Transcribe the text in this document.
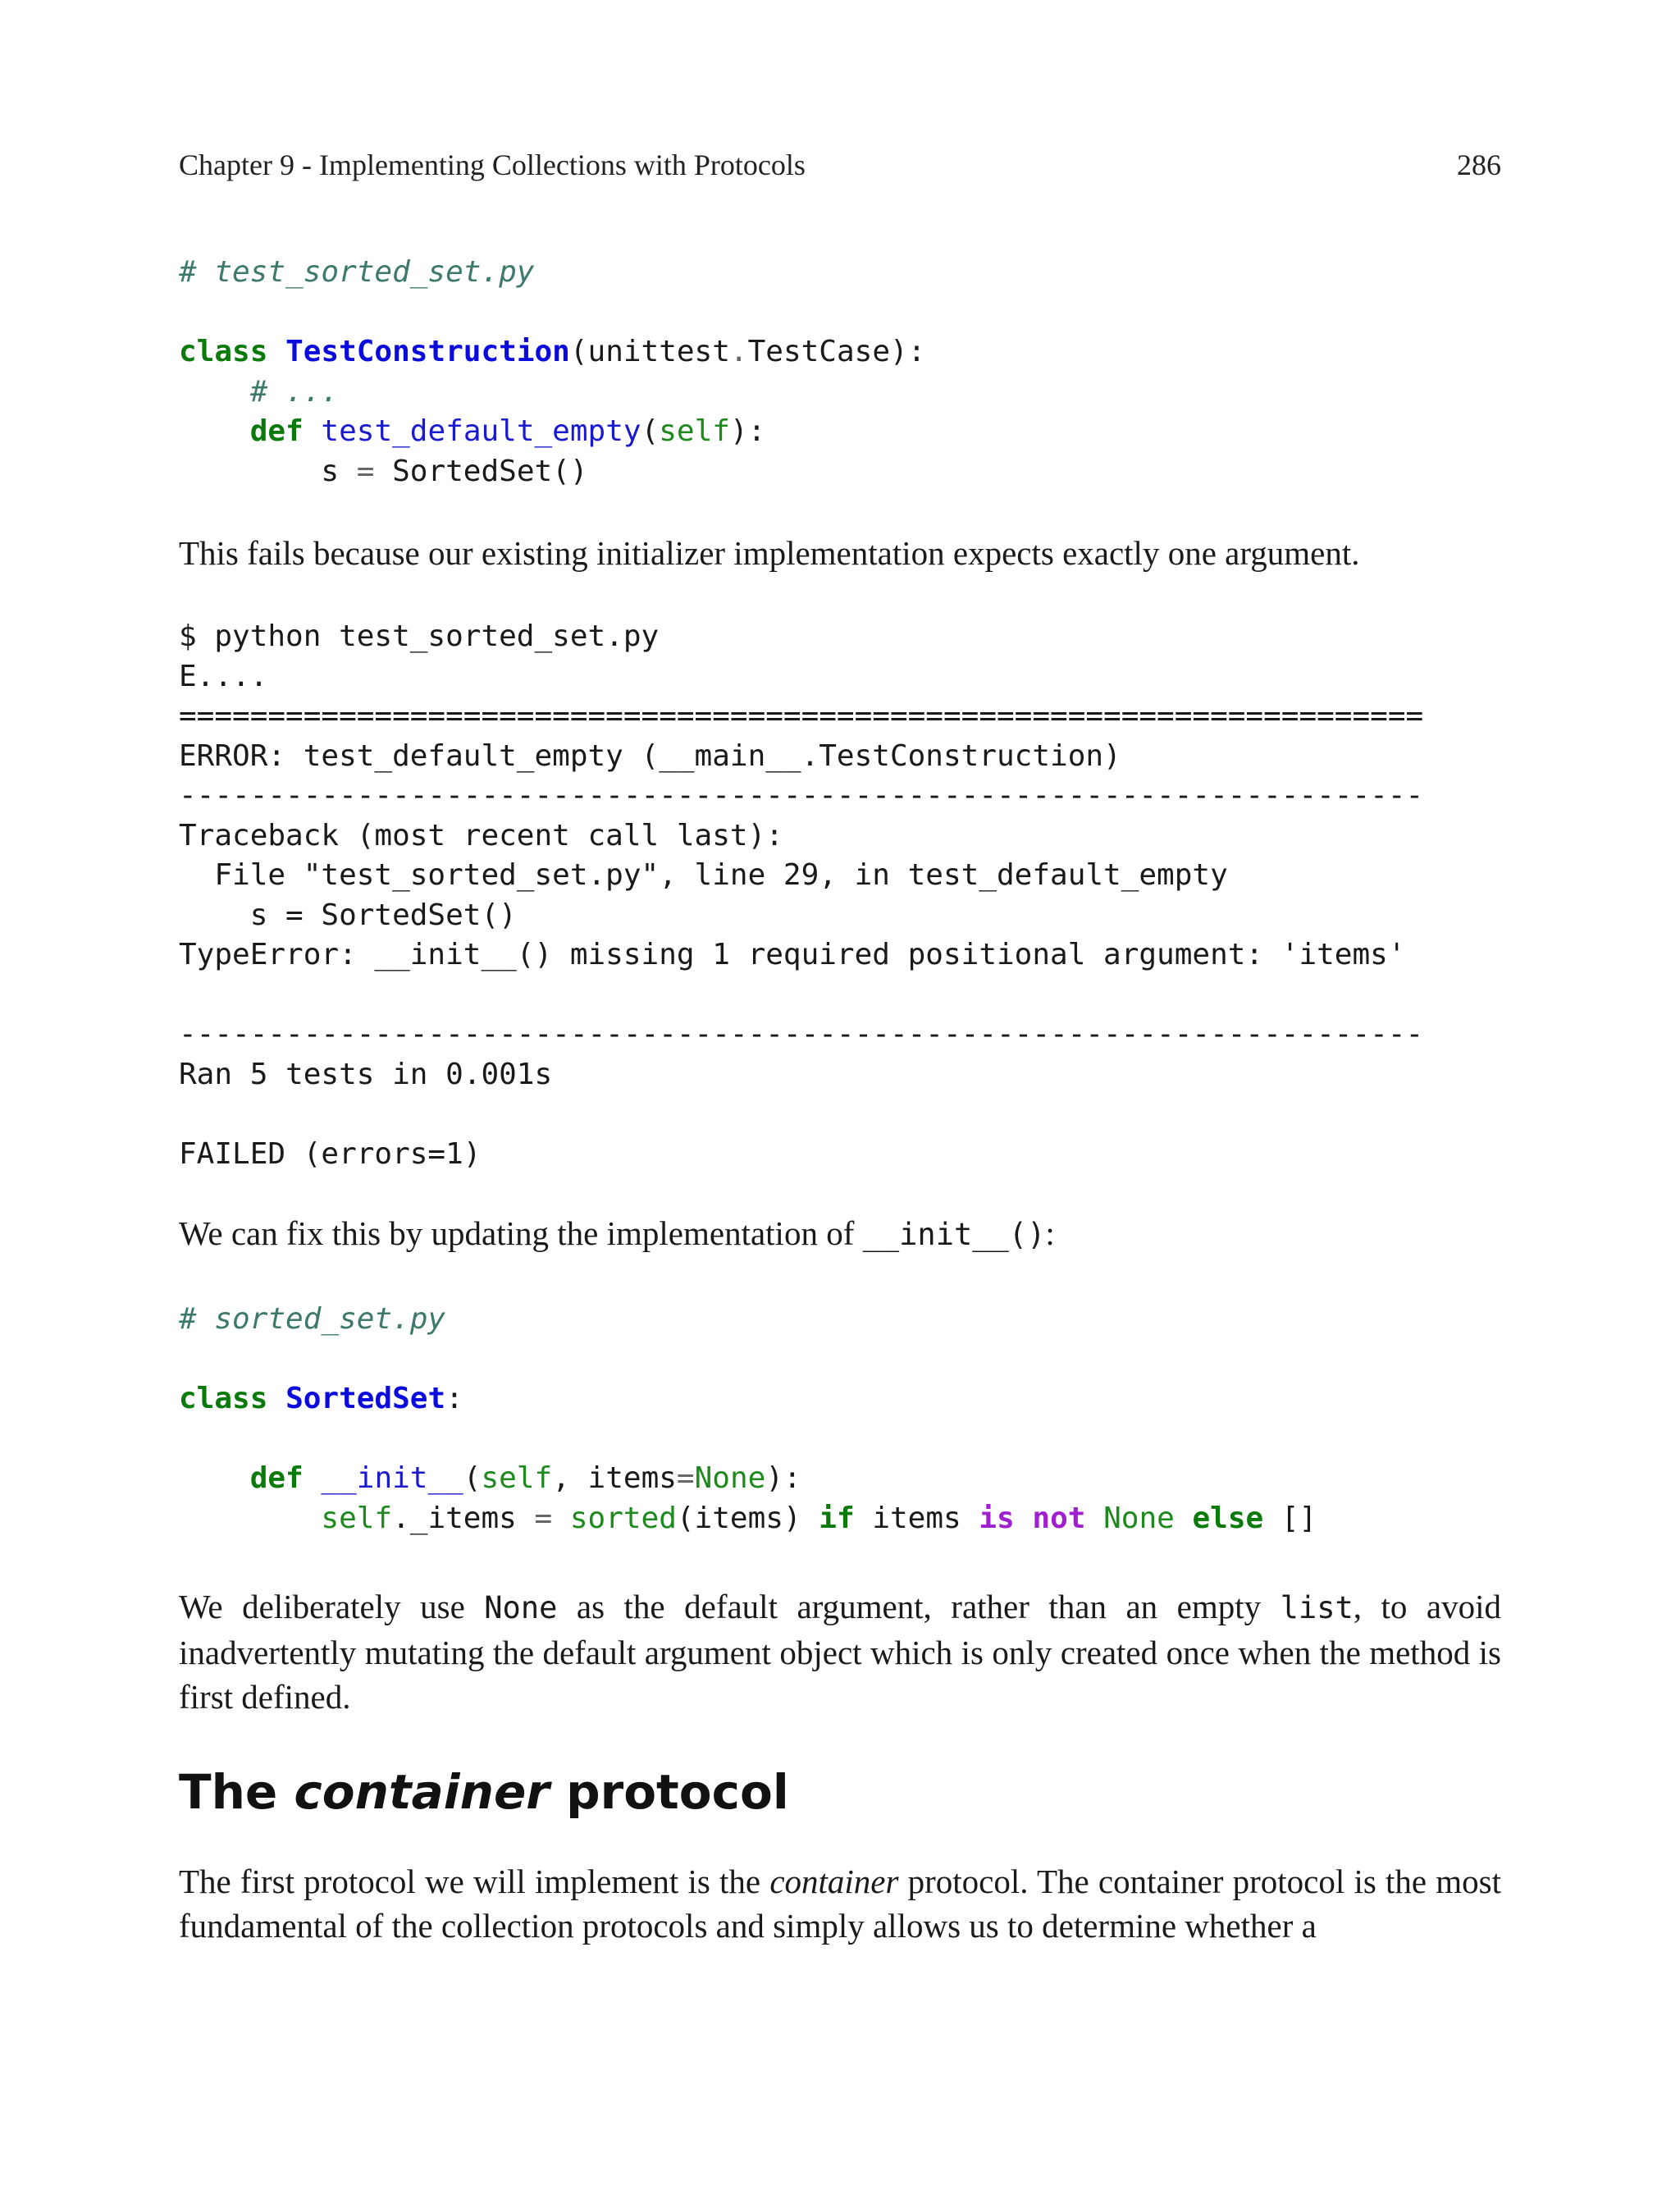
Chapter 9 - Implementing Collections with Protocols	286
# test_sorted_set.py

class TestConstruction(unittest.TestCase):
# ...
def test_default_empty(self):
s = SortedSet()

This fails because our existing initializer implementation expects exactly one argument.

$ python test_sorted_set.py
E....
======================================================================
ERROR: test_default_empty (__main__.TestConstruction)
----------------------------------------------------------------------
Traceback (most recent call last):
File "test_sorted_set.py", line 29, in test_default_empty
s = SortedSet()
TypeError: __init__() missing 1 required positional argument: 'items'

----------------------------------------------------------------------
Ran 5 tests in 0.001s

FAILED (errors=1)

We can fix this by updating the implementation of __init__():

# sorted_set.py

class SortedSet:

def __init__(self, items=None):
self._items = sorted(items) if items is not None else []

We deliberately use None as the default argument, rather than an empty list, to avoid inadvertently mutating the default argument object which is only created once when the method is first defined.

The container protocol

The first protocol we will implement is the container protocol. The container protocol is the most fundamental of the collection protocols and simply allows us to determine whether a
